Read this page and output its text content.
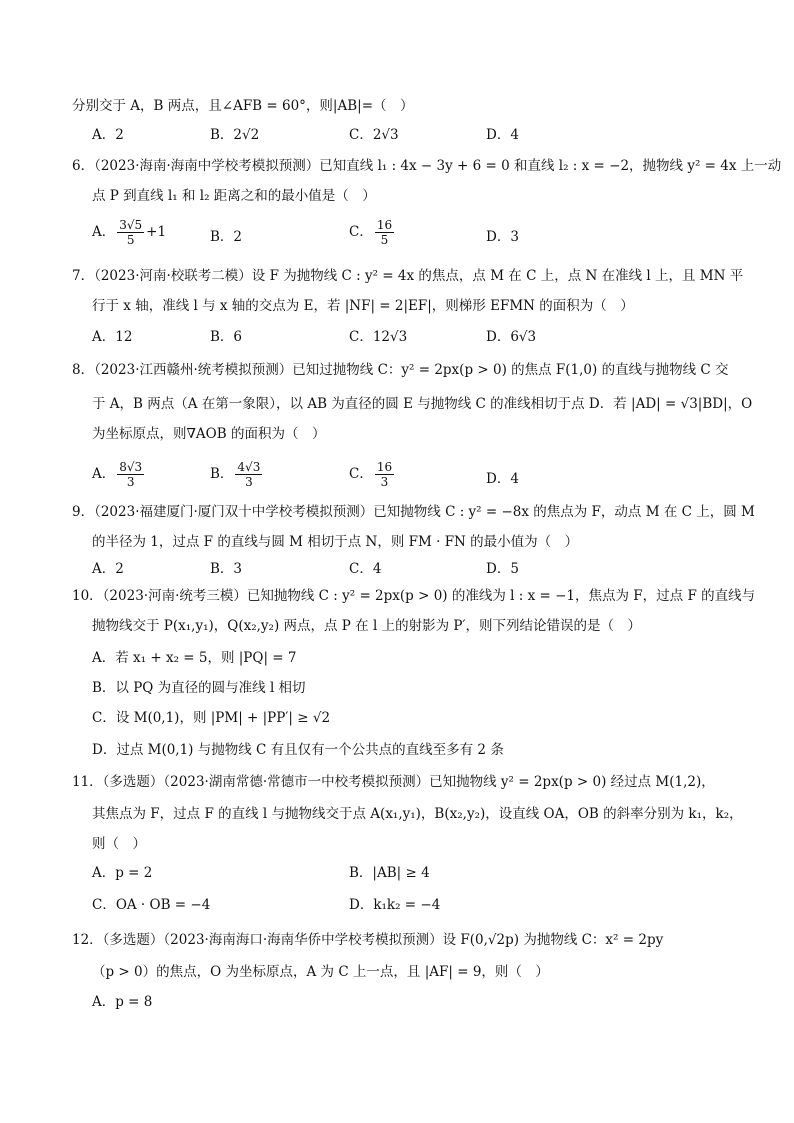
分别交于 A，B 两点，且∠AFB = 60°，则|AB|=（　）
A．2	B．2√2	C．2√3	D．4
6．（2023·海南·海南中学校考模拟预测）已知直线 l₁ : 4x − 3y + 6 = 0 和直线 l₂ : x = −2，抛物线 y² = 4x 上一动
点 P 到直线 l₁ 和 l₂ 距离之和的最小值是（　）
A． $\frac{3√5}{5} +1$	B．2	C． $\frac{16}{5}$	D．3
7．（2023·河南·校联考二模）设 F 为抛物线 C : y² = 4x 的焦点，点 M 在 C 上，点 N 在准线 l 上，且 MN 平
行于 x 轴，准线 l 与 x 轴的交点为 E，若 |NF| = 2|EF|，则梯形 EFMN 的面积为（　）
A．12	B．6	C．12√3	D．6√3
8．（2023·江西赣州·统考模拟预测）已知过抛物线 C：y² = 2px(p > 0) 的焦点 F(1,0) 的直线与抛物线 C 交
于 A，B 两点（A 在第一象限），以 AB 为直径的圆 E 与抛物线 C 的准线相切于点 D．若 |AD| = √3|BD|，O
为坐标原点，则∇AOB 的面积为（　）
A． $\frac{8√3}{3}$	B． $\frac{4√3}{3}$	C． $\frac{16}{3}$	D．4
9．（2023·福建厦门·厦门双十中学校考模拟预测）已知抛物线 C : y² = −8x 的焦点为 F，动点 M 在 C 上，圆 M
的半径为 1，过点 F 的直线与圆 M 相切于点 N，则 FM · FN 的最小值为（　）
A．2	B．3	C．4	D．5
10．（2023·河南·统考三模）已知抛物线 C : y² = 2px(p > 0) 的准线为 l : x = −1，焦点为 F，过点 F 的直线与
抛物线交于 P(x₁,y₁)，Q(x₂,y₂) 两点，点 P 在 l 上的射影为 P′，则下列结论错误的是（　）
A．若 x₁ + x₂ = 5，则 |PQ| = 7
B．以 PQ 为直径的圆与准线 l 相切
C．设 M(0,1)，则 |PM| + |PP′| ≥ √2
D．过点 M(0,1) 与抛物线 C 有且仅有一个公共点的直线至多有 2 条
11．（多选题）（2023·湖南常德·常德市一中校考模拟预测）已知抛物线 y² = 2px(p > 0) 经过点 M(1,2)，
其焦点为 F，过点 F 的直线 l 与抛物线交于点 A(x₁,y₁)，B(x₂,y₂)，设直线 OA，OB 的斜率分别为 k₁，k₂，
则（　）
A．p = 2	B．|AB| ≥ 4
C．OA · OB = −4	D．k₁k₂ = −4
12．（多选题）（2023·海南海口·海南华侨中学校考模拟预测）设 F(0,√2p) 为抛物线 C：x² = 2py
（p > 0）的焦点，O 为坐标原点，A 为 C 上一点，且 |AF| = 9，则（　）
A．p = 8
